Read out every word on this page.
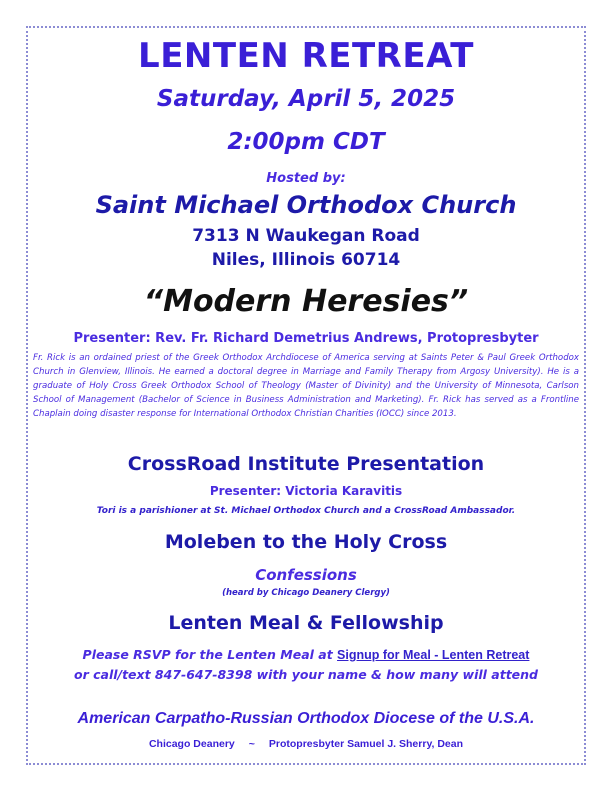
LENTEN RETREAT
Saturday, April 5, 2025
2:00pm CDT
Hosted by:
Saint Michael Orthodox Church
7313 N Waukegan Road
Niles, Illinois 60714
“Modern Heresies”
Presenter: Rev. Fr. Richard Demetrius Andrews, Protopresbyter
Fr. Rick is an ordained priest of the Greek Orthodox Archdiocese of America serving at Saints Peter & Paul Greek Orthodox Church in Glenview, Illinois. He earned a doctoral degree in Marriage and Family Therapy from Argosy University). He is a graduate of Holy Cross Greek Orthodox School of Theology (Master of Divinity) and the University of Minnesota, Carlson School of Management (Bachelor of Science in Business Administration and Marketing). Fr. Rick has served as a Frontline Chaplain doing disaster response for International Orthodox Christian Charities (IOCC) since 2013.
CrossRoad Institute Presentation
Presenter: Victoria Karavitis
Tori is a parishioner at St. Michael Orthodox Church and a CrossRoad Ambassador.
Moleben to the Holy Cross
Confessions
(heard by Chicago Deanery Clergy)
Lenten Meal & Fellowship
Please RSVP for the Lenten Meal at Signup for Meal - Lenten Retreat
or call/text 847-647-8398 with your name & how many will attend
American Carpatho-Russian Orthodox Diocese of the U.S.A.
Chicago Deanery ~ Protopresbyter Samuel J. Sherry, Dean
